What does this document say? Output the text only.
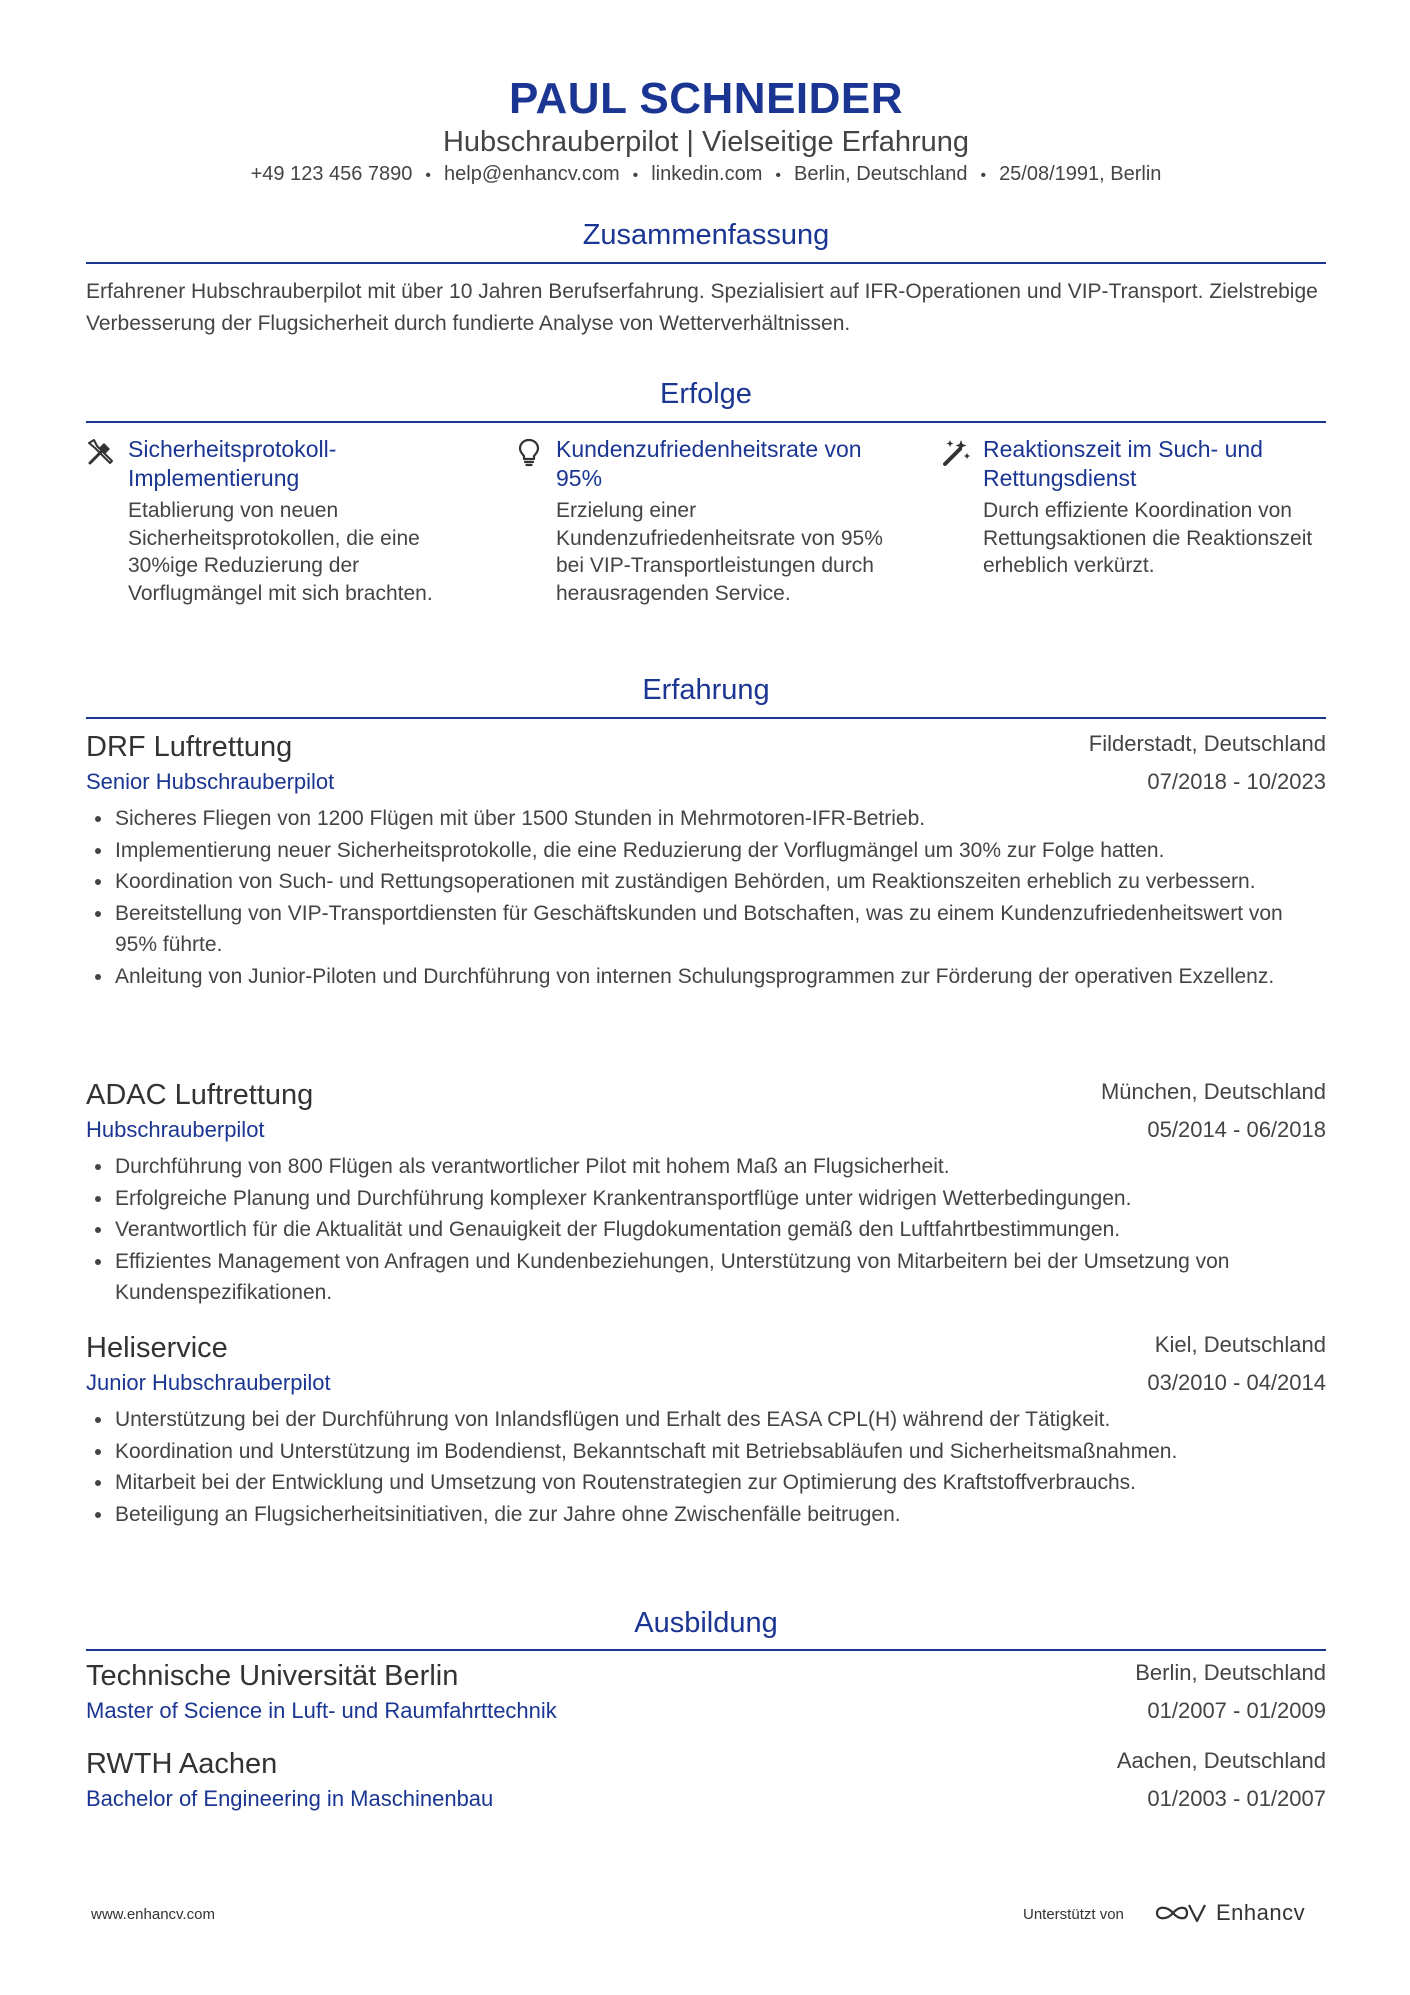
PAUL SCHNEIDER
Hubschrauberpilot | Vielseitige Erfahrung
+49 123 456 7890 • help@enhancv.com • linkedin.com • Berlin, Deutschland • 25/08/1991, Berlin
Zusammenfassung
Erfahrener Hubschrauberpilot mit über 10 Jahren Berufserfahrung. Spezialisiert auf IFR-Operationen und VIP-Transport. Zielstrebige Verbesserung der Flugsicherheit durch fundierte Analyse von Wetterverhältnissen.
Erfolge
Sicherheitsprotokoll-Implementierung
Etablierung von neuen Sicherheitsprotokollen, die eine 30%ige Reduzierung der Vorflugmängel mit sich brachten.
Kundenzufriedenheitsrate von 95%
Erzielung einer Kundenzufriedenheitsrate von 95% bei VIP-Transportleistungen durch herausragenden Service.
Reaktionszeit im Such- und Rettungsdienst
Durch effiziente Koordination von Rettungsaktionen die Reaktionszeit erheblich verkürzt.
Erfahrung
DRF Luftrettung	Filderstadt, Deutschland
Senior Hubschrauberpilot	07/2018 - 10/2023
Sicheres Fliegen von 1200 Flügen mit über 1500 Stunden in Mehrmotoren-IFR-Betrieb.
Implementierung neuer Sicherheitsprotokolle, die eine Reduzierung der Vorflugmängel um 30% zur Folge hatten.
Koordination von Such- und Rettungsoperationen mit zuständigen Behörden, um Reaktionszeiten erheblich zu verbessern.
Bereitstellung von VIP-Transportdiensten für Geschäftskunden und Botschaften, was zu einem Kundenzufriedenheitswert von 95% führte.
Anleitung von Junior-Piloten und Durchführung von internen Schulungsprogrammen zur Förderung der operativen Exzellenz.
ADAC Luftrettung	München, Deutschland
Hubschrauberpilot	05/2014 - 06/2018
Durchführung von 800 Flügen als verantwortlicher Pilot mit hohem Maß an Flugsicherheit.
Erfolgreiche Planung und Durchführung komplexer Krankentransportflüge unter widrigen Wetterbedingungen.
Verantwortlich für die Aktualität und Genauigkeit der Flugdokumentation gemäß den Luftfahrtbestimmungen.
Effizientes Management von Anfragen und Kundenbeziehungen, Unterstützung von Mitarbeitern bei der Umsetzung von Kundenspezifikationen.
Heliservice	Kiel, Deutschland
Junior Hubschrauberpilot	03/2010 - 04/2014
Unterstützung bei der Durchführung von Inlandsflügen und Erhalt des EASA CPL(H) während der Tätigkeit.
Koordination und Unterstützung im Bodendienst, Bekanntschaft mit Betriebsabläufen und Sicherheitsmaßnahmen.
Mitarbeit bei der Entwicklung und Umsetzung von Routenstrategien zur Optimierung des Kraftstoffverbrauchs.
Beteiligung an Flugsicherheitsinitiativen, die zur Jahre ohne Zwischenfälle beitrugen.
Ausbildung
Technische Universität Berlin	Berlin, Deutschland
Master of Science in Luft- und Raumfahrttechnik	01/2007 - 01/2009
RWTH Aachen	Aachen, Deutschland
Bachelor of Engineering in Maschinenbau	01/2003 - 01/2007
www.enhancv.com	Unterstützt von	Enhancv
